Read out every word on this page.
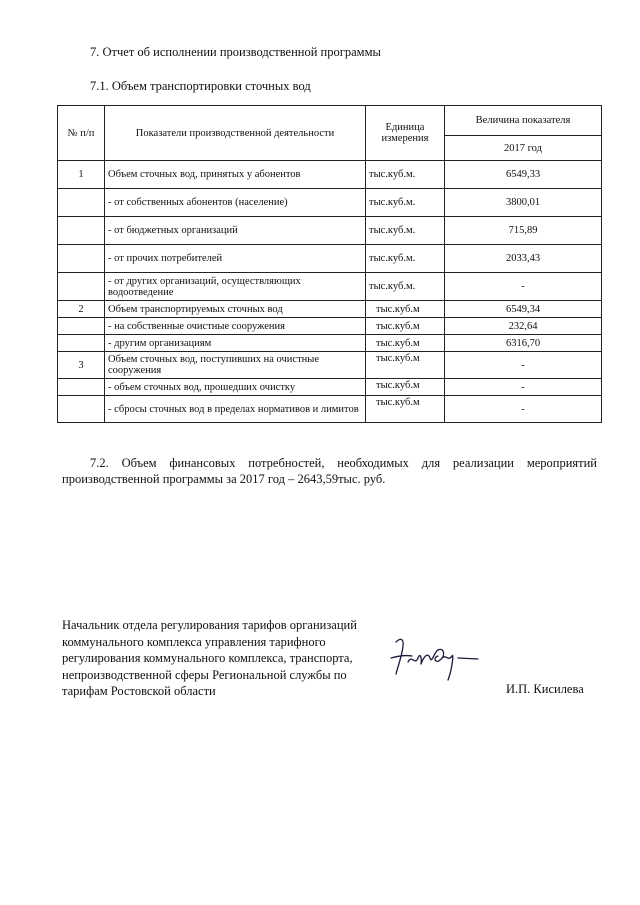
7. Отчет об исполнении производственной программы
7.1. Объем транспортировки сточных вод
№ п/п	Показатели производственной деятельности	Единица измерения	Величина показателя
			2017 год
1	Объем сточных вод, принятых у абонентов	тыс.куб.м.	6549,33
	- от собственных абонентов (население)	тыс.куб.м.	3800,01
	- от бюджетных организаций	тыс.куб.м.	715,89
	- от прочих потребителей	тыс.куб.м.	2033,43
	- от других организаций, осуществляющих водоотведение	тыс.куб.м.	-
2	Объем транспортируемых сточных вод	тыс.куб.м	6549,34
	- на собственные очистные сооружения	тыс.куб.м	232,64
	- другим организациям	тыс.куб.м	6316,70
3	Объем сточных вод, поступивших на очистные сооружения	тыс.куб.м	-
	- объем сточных вод, прошедших очистку	тыс.куб.м	-
	- сбросы сточных вод в пределах нормативов и лимитов	тыс.куб.м	-
7.2. Объем финансовых потребностей, необходимых для реализации мероприятий производственной программы за 2017 год – 2643,59тыс. руб.
Начальник отдела регулирования тарифов организаций
коммунального комплекса управления тарифного
регулирования коммунального комплекса, транспорта,
непроизводственной сферы Региональной службы по
тарифам Ростовской области	И.П. Кисилева
